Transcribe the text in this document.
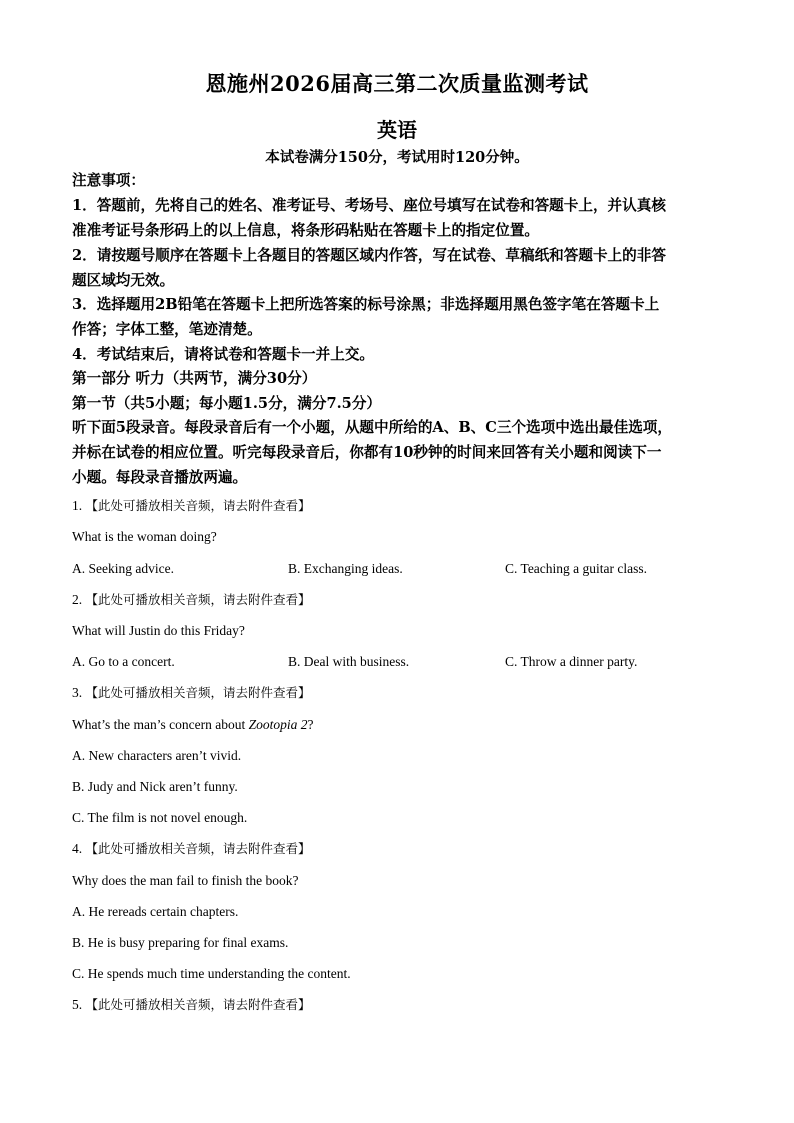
恩施州2026届高三第二次质量监测考试
英语
本试卷满分150分，考试用时120分钟。
注意事项：
1．答题前，先将自己的姓名、准考证号、考场号、座位号填写在试卷和答题卡上，并认真核
准准考证号条形码上的以上信息，将条形码粘贴在答题卡上的指定位置。
2．请按题号顺序在答题卡上各题目的答题区域内作答，写在试卷、草稿纸和答题卡上的非答
题区域均无效。
3．选择题用2B铅笔在答题卡上把所选答案的标号涂黑；非选择题用黑色签字笔在答题卡上
作答；字体工整，笔迹清楚。
4．考试结束后，请将试卷和答题卡一并上交。
第一部分 听力（共两节，满分30分）
第一节（共5小题；每小题1.5分，满分7.5分）
听下面5段录音。每段录音后有一个小题，从题中所给的A、B、C三个选项中选出最佳选项，
并标在试卷的相应位置。听完每段录音后，你都有10秒钟的时间来回答有关小题和阅读下一
小题。每段录音播放两遍。
1. 【此处可播放相关音频，请去附件查看】
What is the woman doing?
A. Seeking advice.	B. Exchanging ideas.	C. Teaching a guitar class.
2. 【此处可播放相关音频，请去附件查看】
What will Justin do this Friday?
A. Go to a concert.	B. Deal with business.	C. Throw a dinner party.
3. 【此处可播放相关音频，请去附件查看】
What’s the man’s concern about Zootopia 2?
A. New characters aren’t vivid.
B. Judy and Nick aren’t funny.
C. The film is not novel enough.
4. 【此处可播放相关音频，请去附件查看】
Why does the man fail to finish the book?
A. He rereads certain chapters.
B. He is busy preparing for final exams.
C. He spends much time understanding the content.
5. 【此处可播放相关音频，请去附件查看】
